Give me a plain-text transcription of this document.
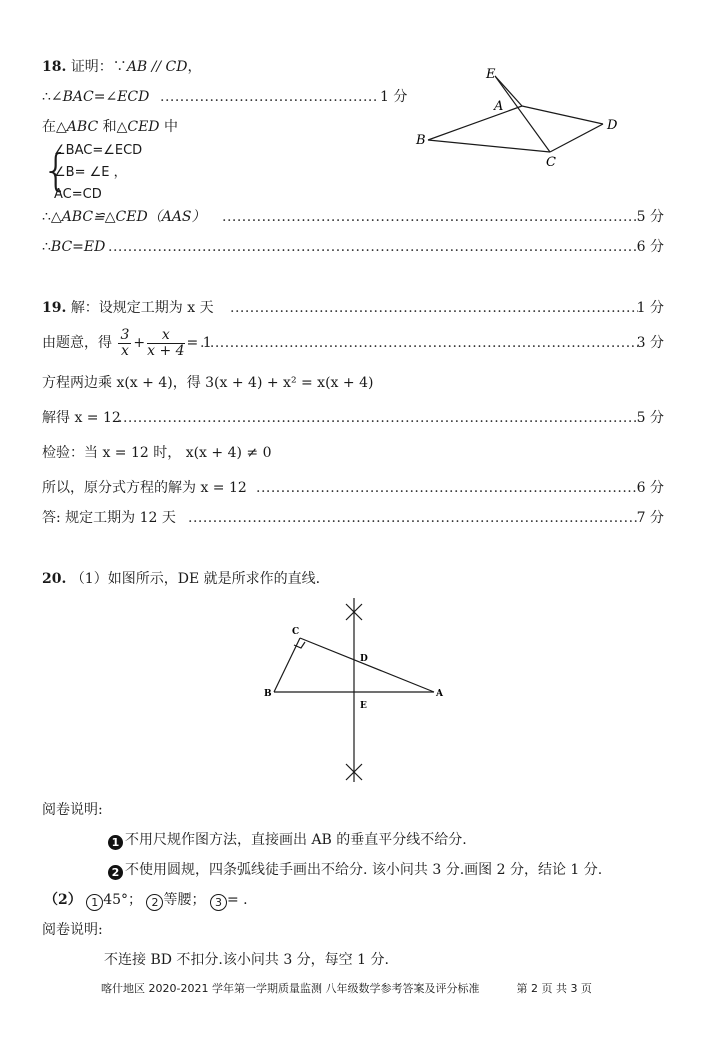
18. 证明：∵AB // CD，
∴∠BAC=∠ECD .....	1 分
在△ABC 和△CED 中
{
∠BAC=∠ECD
∠B= ∠E ，
AC=CD
∴△ABC≌△CED（AAS） .....	5 分
∴BC=ED .....	6 分
E
A
B
C
D
19. 解：设规定工期为 x 天 .....	1 分
由题意，得 $\frac{3}{x} + \frac{x}{x + 4} = 1$ .....	3 分
方程两边乘 x(x + 4)，得 3(x + 4) + x² = x(x + 4)
解得 x = 12 .....	5 分
检验：当 x = 12 时， x(x + 4) ≠ 0
所以，原分式方程的解为 x = 12 .....	6 分
答: 规定工期为 12 天 .....	7 分
20. （1）如图所示，DE 就是所求作的直线.
C
D
B
E
A
阅卷说明:
1 不用尺规作图方法，直接画出 AB 的垂直平分线不给分.
2 不使用圆规，四条弧线徒手画出不给分. 该小问共 3 分.画图 2 分，结论 1 分.
（2） 1 45°； 2 等腰； 3 = .
阅卷说明:
不连接 BD 不扣分.该小问共 3 分，每空 1 分.
喀什地区 2020-2021 学年第一学期质量监测 八年级数学参考答案及评分标准	第 2 页 共 3 页
